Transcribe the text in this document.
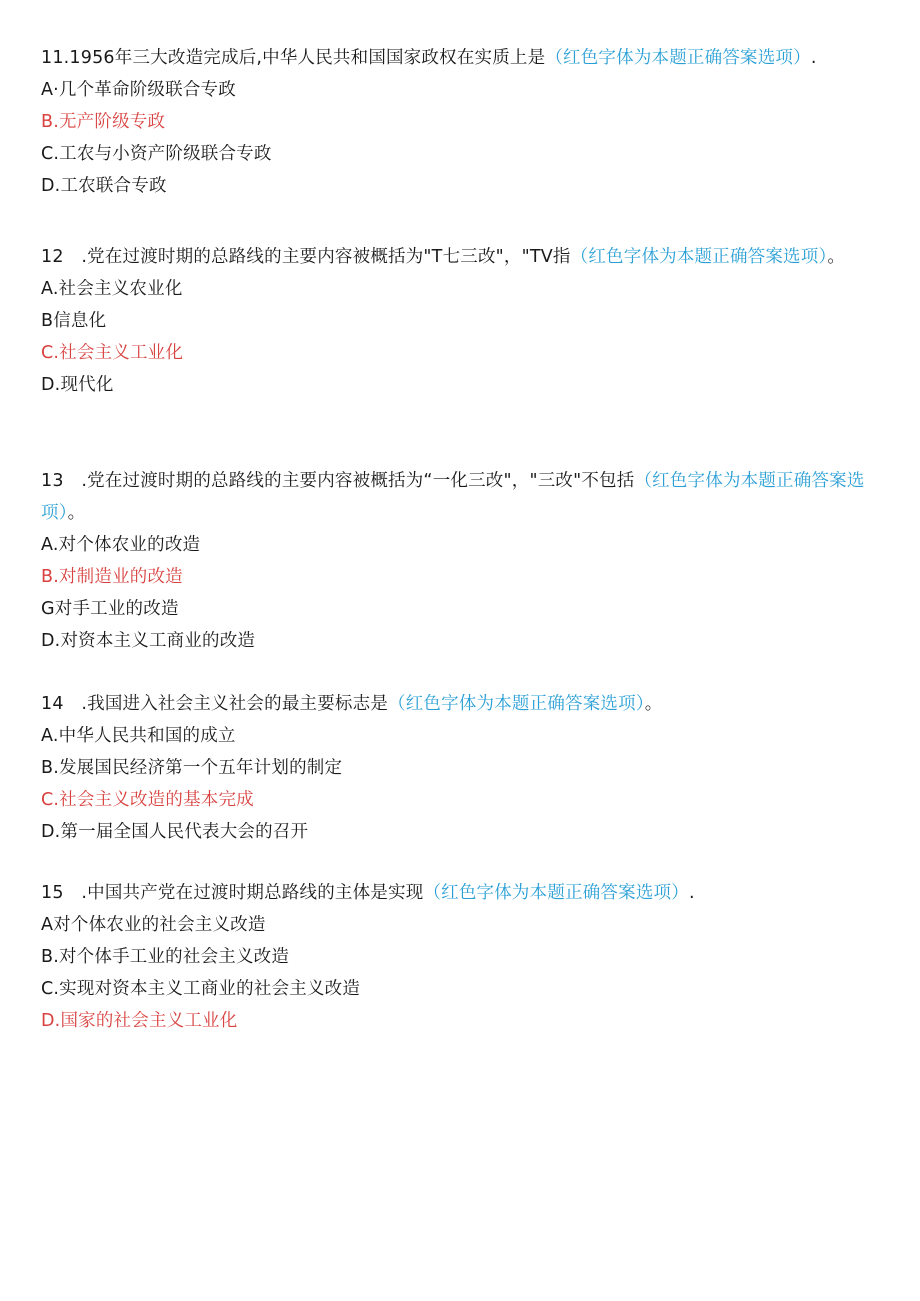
11.1956年三大改造完成后,中华人民共和国国家政权在实质上是（红色字体为本题正确答案选项）.

A·几个革命阶级联合专政

B.无产阶级专政

C.工农与小资产阶级联合专政

D.工农联合专政

12　.党在过渡时期的总路线的主要内容被概括为"T七三改"，"TV指（红色字体为本题正确答案选项）。

A.社会主义农业化

B信息化

C.社会主义工业化

D.现代化

13　.党在过渡时期的总路线的主要内容被概括为“一化三改"，"三改"不包括（红色字体为本题正确答案选项）。

A.对个体农业的改造

B.对制造业的改造

G对手工业的改造

D.对资本主义工商业的改造

14　.我国进入社会主义社会的最主要标志是（红色字体为本题正确答案选项）。

A.中华人民共和国的成立

B.发展国民经济第一个五年计划的制定

C.社会主义改造的基本完成

D.第一届全国人民代表大会的召开

15　.中国共产党在过渡时期总路线的主体是实现（红色字体为本题正确答案选项）.

A对个体农业的社会主义改造

B.对个体手工业的社会主义改造

C.实现对资本主义工商业的社会主义改造

D.国家的社会主义工业化
